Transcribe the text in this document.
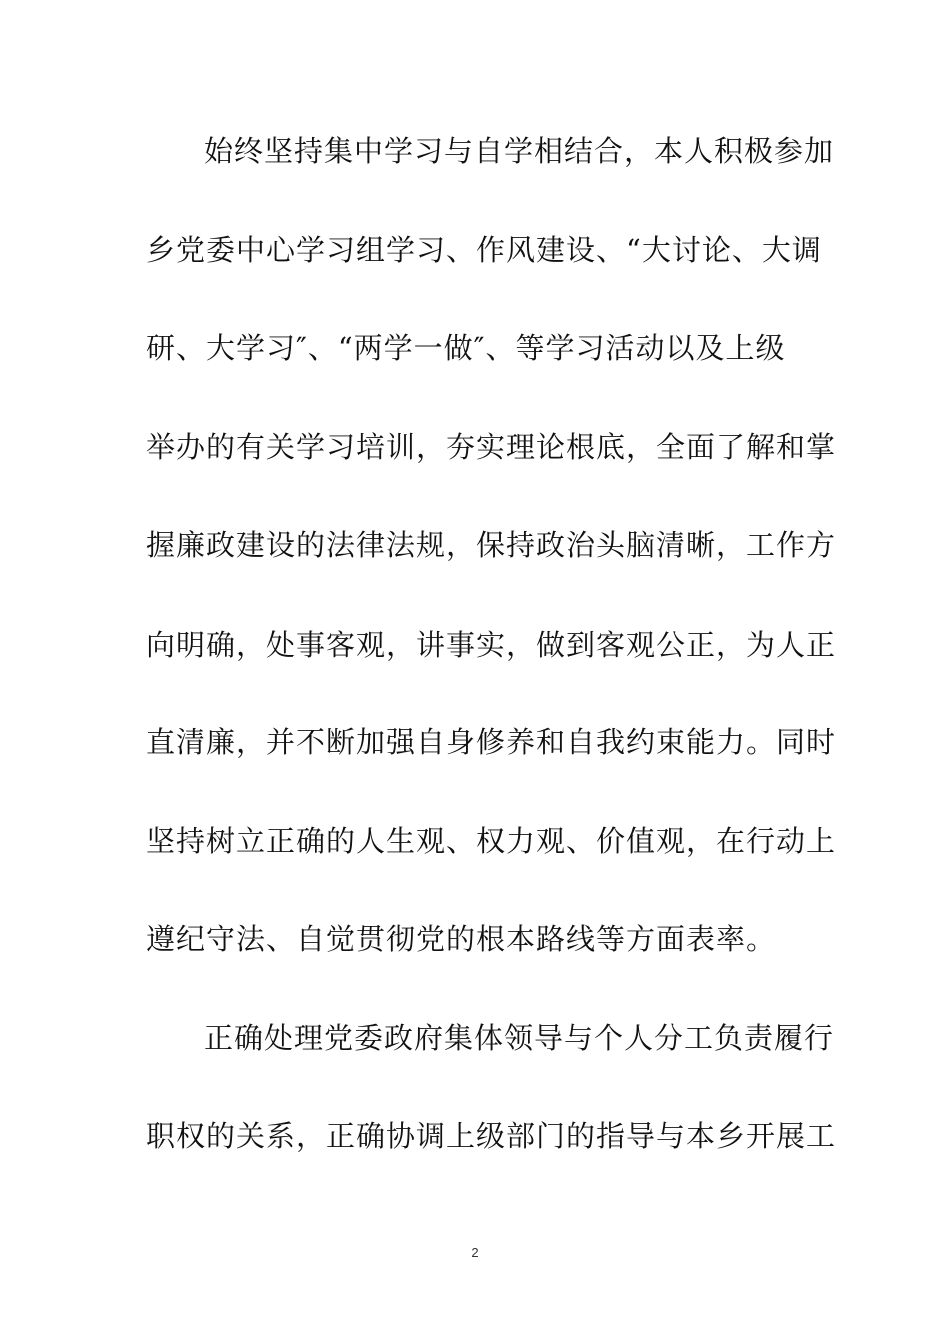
始终坚持集中学习与自学相结合，本人积极参加
乡党委中心学习组学习、作风建设、“大讨论、大调
研、大学习″、“两学一做″、等学习活动以及上级
举办的有关学习培训，夯实理论根底，全面了解和掌
握廉政建设的法律法规，保持政治头脑清晰，工作方
向明确，处事客观，讲事实，做到客观公正，为人正
直清廉，并不断加强自身修养和自我约束能力。同时
坚持树立正确的人生观、权力观、价值观，在行动上
遵纪守法、自觉贯彻党的根本路线等方面表率。
正确处理党委政府集体领导与个人分工负责履行
职权的关系，正确协调上级部门的指导与本乡开展工
2
